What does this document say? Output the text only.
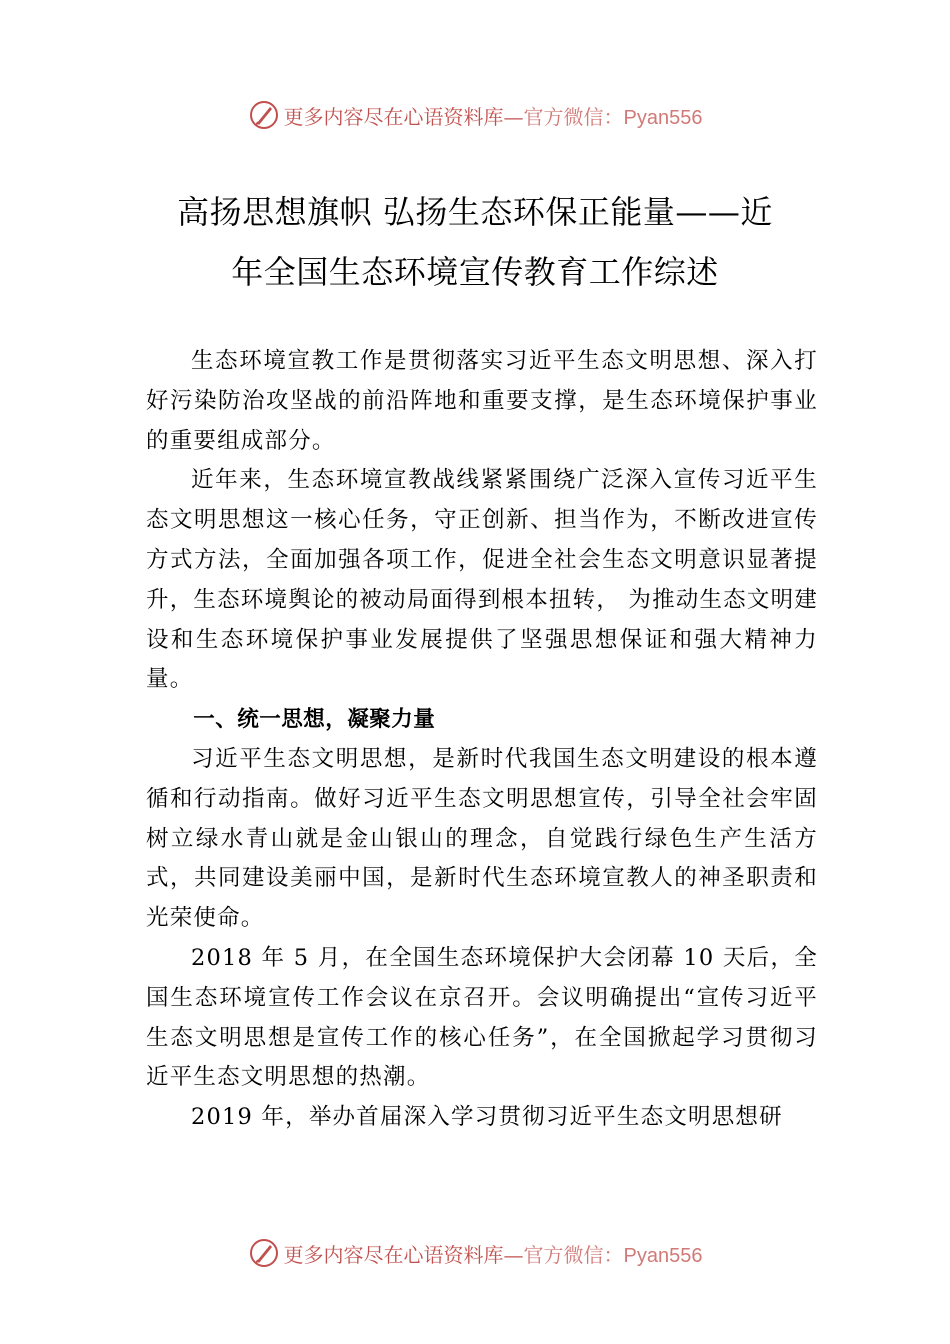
更多内容尽在心语资料库—官方微信：Pyan556
高扬思想旗帜 弘扬生态环保正能量——近
年全国生态环境宣传教育工作综述

生态环境宣教工作是贯彻落实习近平生态文明思想、深入打好污染防治攻坚战的前沿阵地和重要支撑，是生态环境保护事业的重要组成部分。

近年来，生态环境宣教战线紧紧围绕广泛深入宣传习近平生态文明思想这一核心任务，守正创新、担当作为，不断改进宣传方式方法，全面加强各项工作，促进全社会生态文明意识显著提升，生态环境舆论的被动局面得到根本扭转， 为推动生态文明建设和生态环境保护事业发展提供了坚强思想保证和强大精神力量。

一、统一思想，凝聚力量

习近平生态文明思想，是新时代我国生态文明建设的根本遵循和行动指南。做好习近平生态文明思想宣传，引导全社会牢固树立绿水青山就是金山银山的理念，自觉践行绿色生产生活方式，共同建设美丽中国，是新时代生态环境宣教人的神圣职责和光荣使命。

2018 年 5 月，在全国生态环境保护大会闭幕 10 天后，全国生态环境宣传工作会议在京召开。会议明确提出“宣传习近平生态文明思想是宣传工作的核心任务”，在全国掀起学习贯彻习近平生态文明思想的热潮。

2019 年，举办首届深入学习贯彻习近平生态文明思想研

更多内容尽在心语资料库—官方微信：Pyan556
